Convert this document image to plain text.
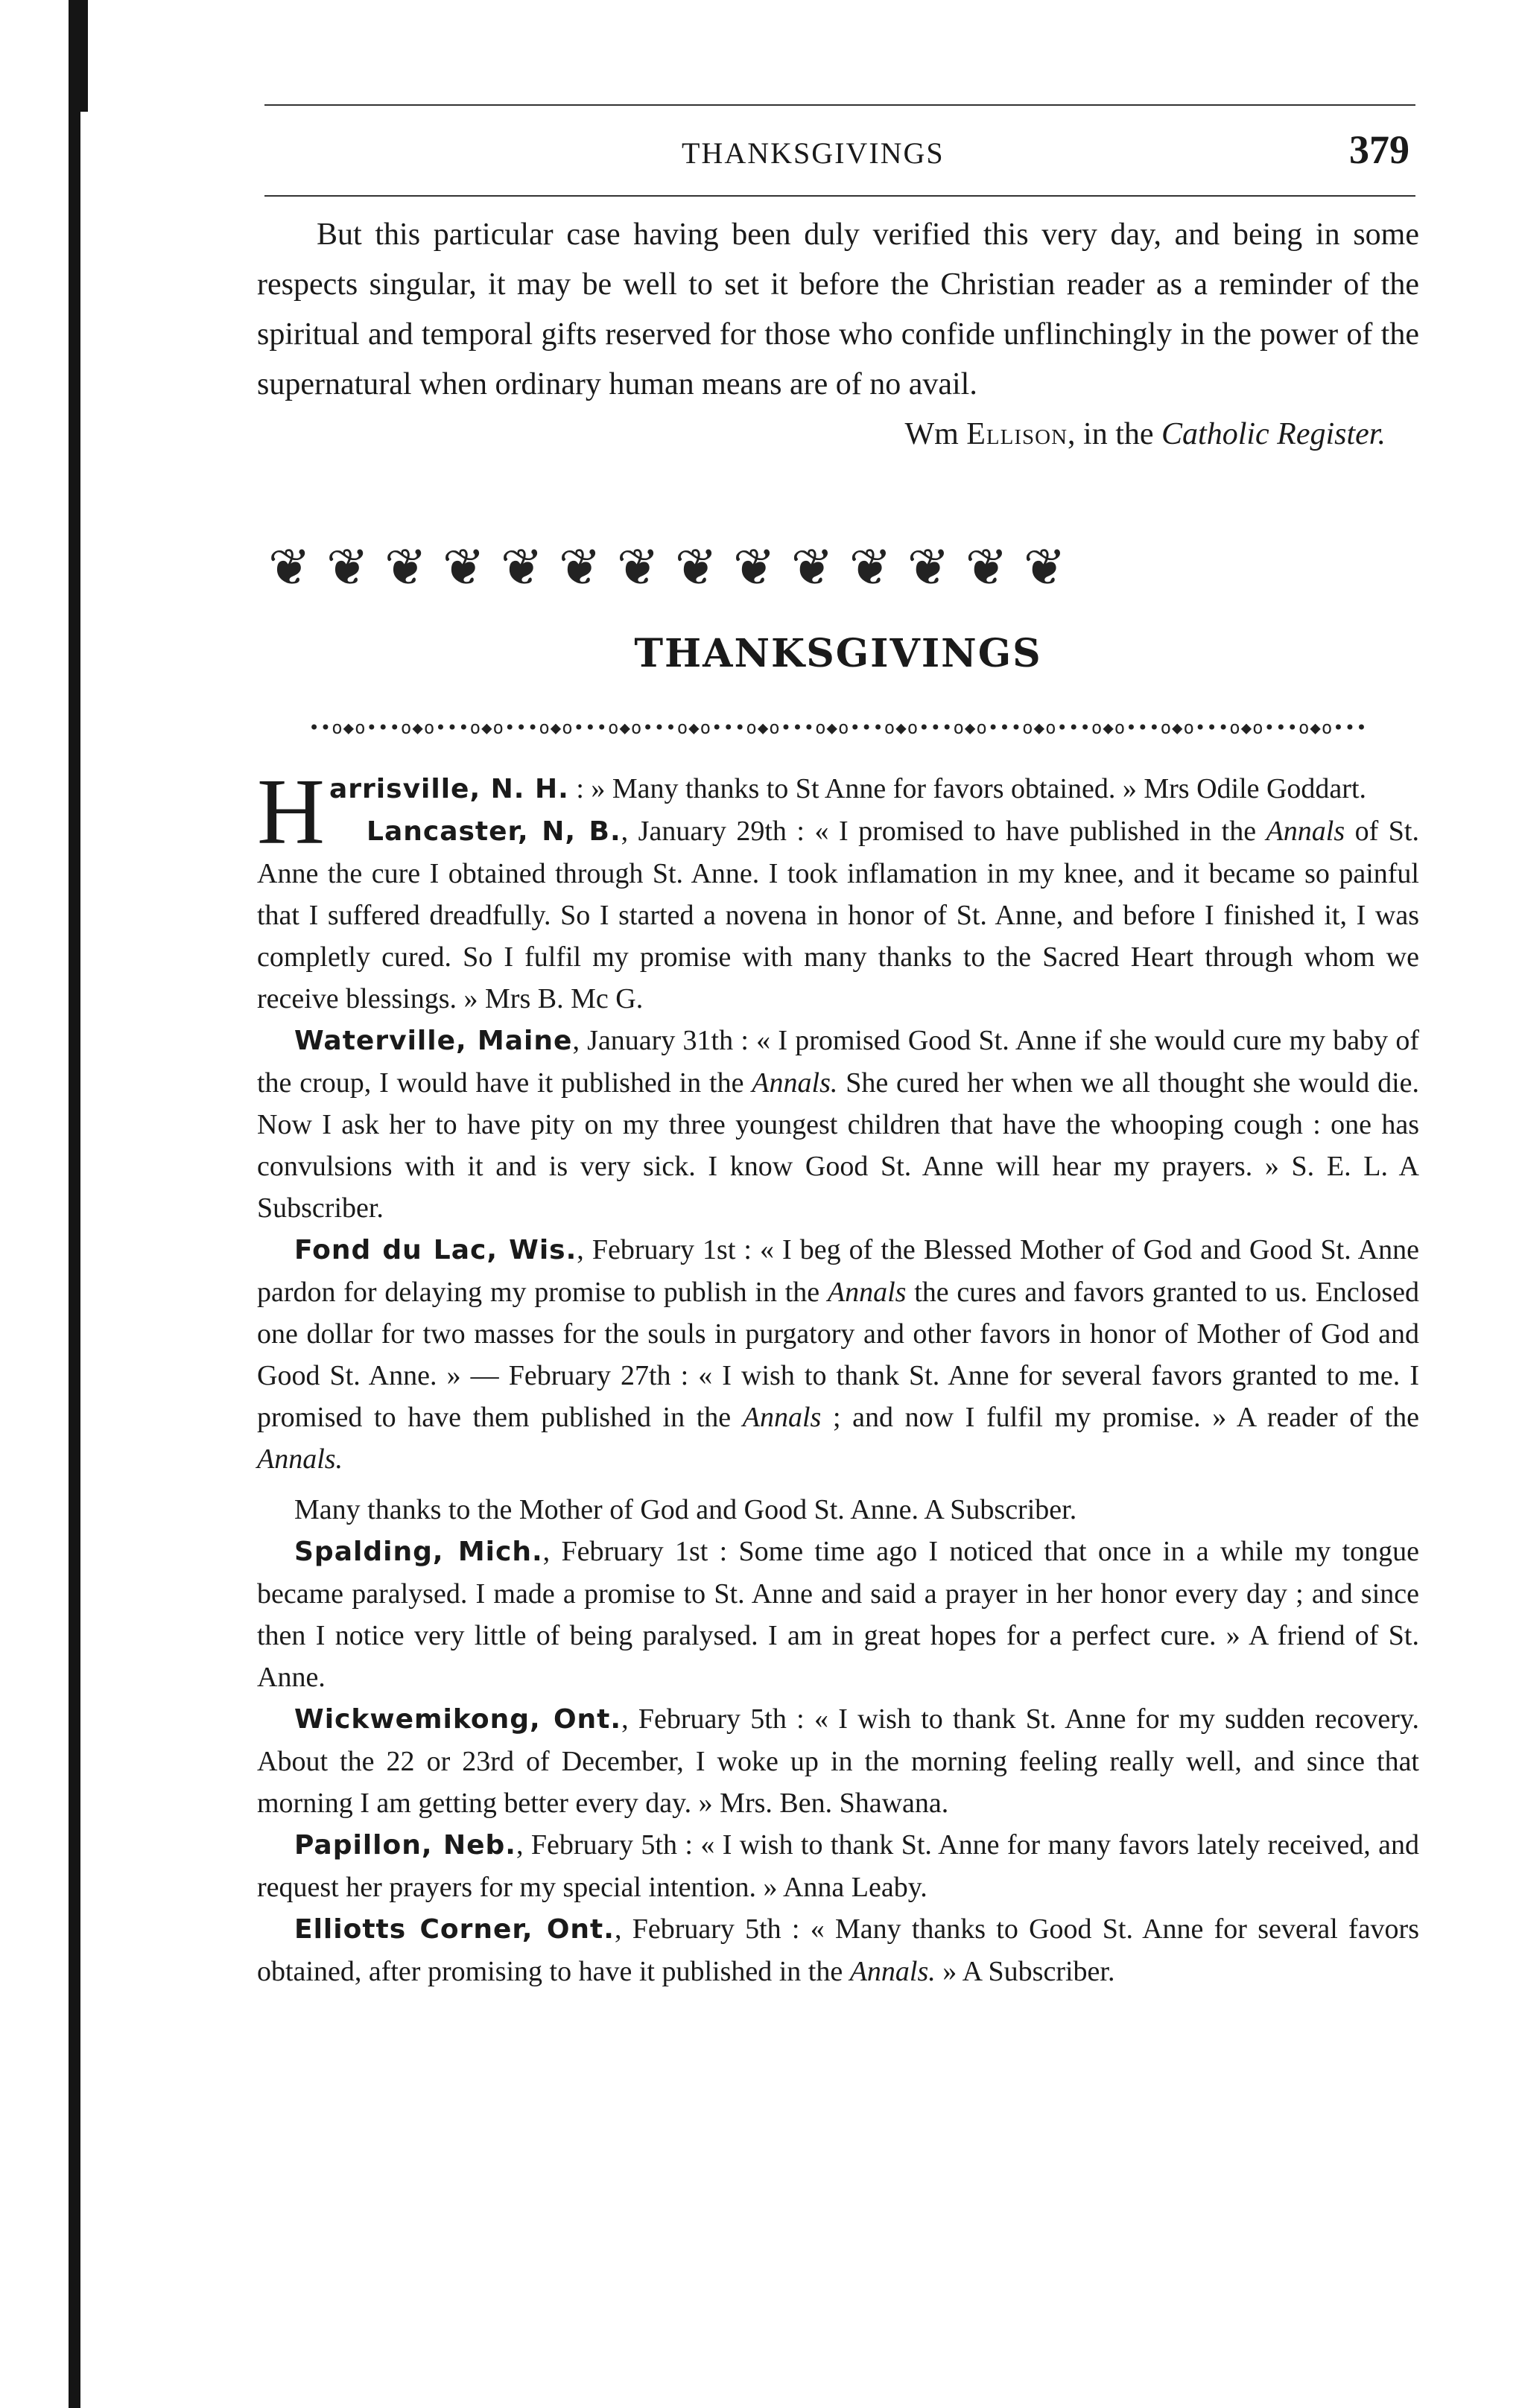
THANKSGIVINGS	379

But this particular case having been duly verified this very day, and being in some respects singular, it may be well to set it before the Christian reader as a reminder of the spiritual and temporal gifts reserved for those who confide unflinchingly in the power of the supernatural when ordinary human means are of no avail.

Wm Ellison, in the Catholic Register.
❦ ❦ ❦ ❦ ❦ ❦ ❦ ❦ ❦ ❦ ❦ ❦ ❦ ❦
THANKSGIVINGS
••o◆o•••o◆o•••o◆o•••o◆o•••o◆o•••o◆o•••o◆o•••o◆o•••o◆o•••o◆o•••o◆o•••o◆o•••o◆o•••o◆o•••o◆o•••

H arrisville, N. H. : » Many thanks to St Anne for favors obtained. » Mrs Odile Goddart.

Lancaster, N, B., January 29th : « I promised to have published in the Annals of St. Anne the cure I obtained through St. Anne. I took inflamation in my knee, and it became so painful that I suffered dreadfully. So I started a novena in honor of St. Anne, and before I finished it, I was completly cured. So I fulfil my promise with many thanks to the Sacred Heart through whom we receive blessings. » Mrs B. Mc G.

Waterville, Maine, January 31th : « I promised Good St. Anne if she would cure my baby of the croup, I would have it published in the Annals. She cured her when we all thought she would die. Now I ask her to have pity on my three youngest children that have the whooping cough : one has convulsions with it and is very sick. I know Good St. Anne will hear my prayers. » S. E. L. A Subscriber.

Fond du Lac, Wis., February 1st : « I beg of the Blessed Mother of God and Good St. Anne pardon for delaying my promise to publish in the Annals the cures and favors granted to us. Enclosed one dollar for two masses for the souls in purgatory and other favors in honor of Mother of God and Good St. Anne. » — February 27th : « I wish to thank St. Anne for several favors granted to me. I promised to have them published in the Annals ; and now I fulfil my promise. » A reader of the Annals.

Many thanks to the Mother of God and Good St. Anne. A Subscriber.

Spalding, Mich., February 1st : Some time ago I noticed that once in a while my tongue became paralysed. I made a promise to St. Anne and said a prayer in her honor every day ; and since then I notice very little of being paralysed. I am in great hopes for a perfect cure. » A friend of St. Anne.

Wickwemikong, Ont., February 5th : « I wish to thank St. Anne for my sudden recovery. About the 22 or 23rd of December, I woke up in the morning feeling really well, and since that morning I am getting better every day. » Mrs. Ben. Shawana.

Papillon, Neb., February 5th : « I wish to thank St. Anne for many favors lately received, and request her prayers for my special intention. » Anna Leaby.

Elliotts Corner, Ont., February 5th : « Many thanks to Good St. Anne for several favors obtained, after promising to have it published in the Annals. » A Subscriber.
